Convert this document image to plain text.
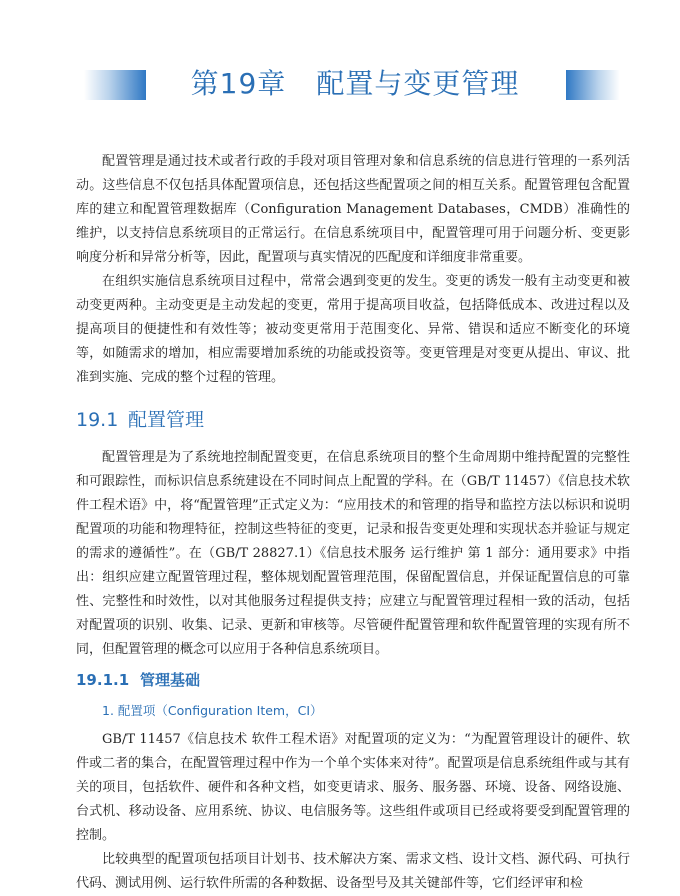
第19章 配置与变更管理

配置管理是通过技术或者行政的手段对项目管理对象和信息系统的信息进行管理的一系列活动。这些信息不仅包括具体配置项信息，还包括这些配置项之间的相互关系。配置管理包含配置库的建立和配置管理数据库（Configuration Management Databases，CMDB）准确性的维护，以支持信息系统项目的正常运行。在信息系统项目中，配置管理可用于问题分析、变更影响度分析和异常分析等，因此，配置项与真实情况的匹配度和详细度非常重要。

在组织实施信息系统项目过程中，常常会遇到变更的发生。变更的诱发一般有主动变更和被动变更两种。主动变更是主动发起的变更，常用于提高项目收益，包括降低成本、改进过程以及提高项目的便捷性和有效性等；被动变更常用于范围变化、异常、错误和适应不断变化的环境等，如随需求的增加，相应需要增加系统的功能或投资等。变更管理是对变更从提出、审议、批准到实施、完成的整个过程的管理。

19.1 配置管理

配置管理是为了系统地控制配置变更，在信息系统项目的整个生命周期中维持配置的完整性和可跟踪性，而标识信息系统建设在不同时间点上配置的学科。在（GB/T 11457）《信息技术软件工程术语》中，将“配置管理”正式定义为：“应用技术的和管理的指导和监控方法以标识和说明配置项的功能和物理特征，控制这些特征的变更，记录和报告变更处理和实现状态并验证与规定的需求的遵循性”。在（GB/T 28827.1）《信息技术服务 运行维护 第 1 部分：通用要求》中指出：组织应建立配置管理过程，整体规划配置管理范围，保留配置信息，并保证配置信息的可靠性、完整性和时效性，以对其他服务过程提供支持；应建立与配置管理过程相一致的活动，包括对配置项的识别、收集、记录、更新和审核等。尽管硬件配置管理和软件配置管理的实现有所不同，但配置管理的概念可以应用于各种信息系统项目。

19.1.1 管理基础
1. 配置项（Configuration Item，CI）

GB/T 11457《信息技术 软件工程术语》对配置项的定义为：“为配置管理设计的硬件、软件或二者的集合，在配置管理过程中作为一个单个实体来对待”。配置项是信息系统组件或与其有关的项目，包括软件、硬件和各种文档，如变更请求、服务、服务器、环境、设备、网络设施、台式机、移动设备、应用系统、协议、电信服务等。这些组件或项目已经或将要受到配置管理的控制。

比较典型的配置项包括项目计划书、技术解决方案、需求文档、设计文档、源代码、可执行代码、测试用例、运行软件所需的各种数据、设备型号及其关键部件等，它们经评审和检
